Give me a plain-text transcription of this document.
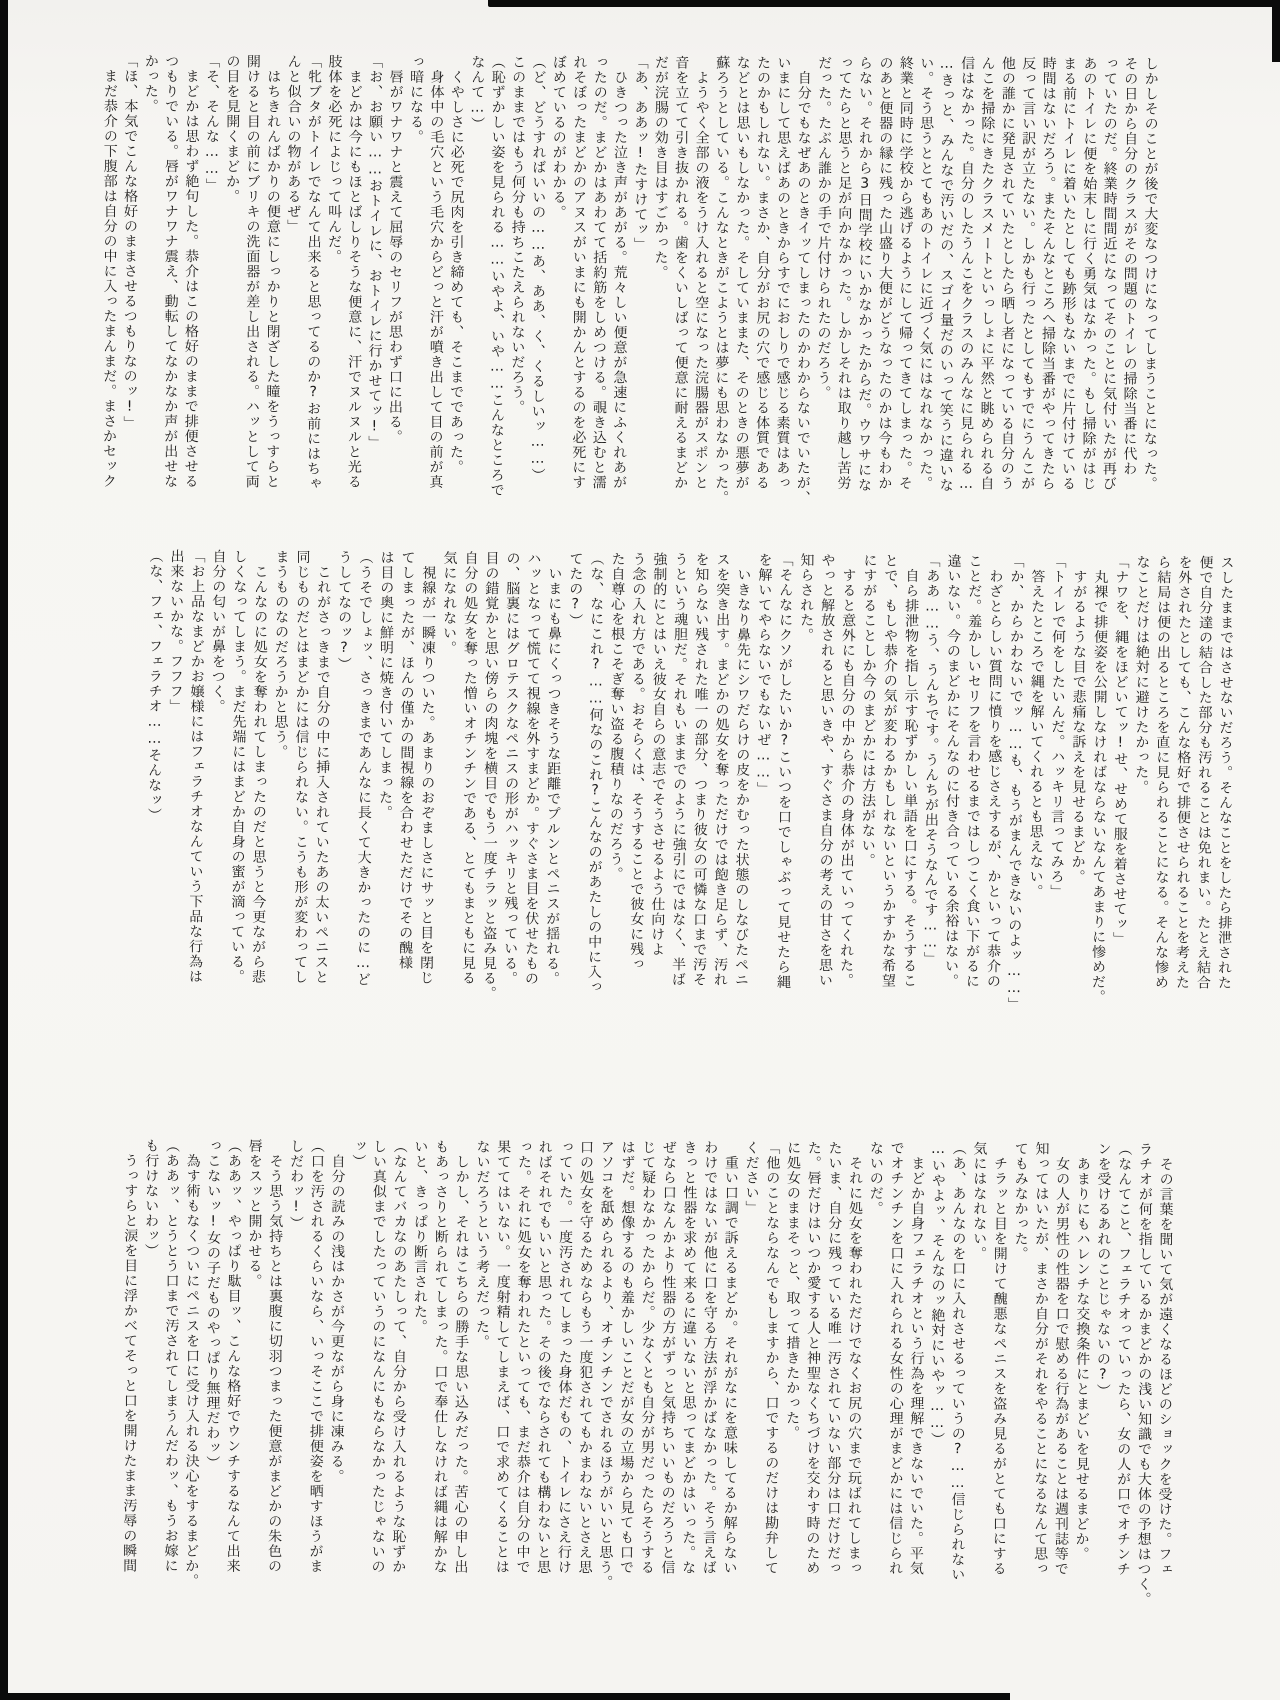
しかしそのことが後で大変なつけになってしまうことになった。
その日から自分のクラスがその問題のトイレの掃除当番に代わ
っていたのだ。終業時間間近になってそのことに気付いたが再び
あのトイレに便を始末しに行く勇気はなかった。もし掃除がはじ
まる前にトイレに着いたとしても跡形もないまでに片付けている
時間はないだろう。またそんなところへ掃除当番がやってきたら
反って言い訳が立たない。しかも行ったとしてもすでにうんこが
他の誰かに発見されていたとしたら晒し者になっている自分のう
んこを掃除にきたクラスメートといっしょに平然と眺められる自
信はなかった。自分のしたうんこをクラスのみんなに見られる…
…きっと、みんなで汚いだの、スゴイ量だのいって笑うに違いな
い。そう思うととてもあのトイレに近づく気にはなれなかった。
終業と同時に学校から逃げるようにして帰ってきてしまった。そ
のあと便器の縁に残った山盛り大便がどうなったのかは今もわか
らない。それから3日間学校にいかなかったからだ。ウワサにな
ってたらと思うと足が向かなかった。しかしそれは取り越し苦労
だった。たぶん誰かの手で片付けられたのだろう。
　自分でもなぜあのときイッてしまったのかわからないでいたが、
いまにして思えばあのときからすでにおしりで感じる素質はあっ
たのかもしれない。まさか、自分がお尻の穴で感じる体質である
などとは思いもしなかった。そしていままた、そのときの悪夢が
蘇ろうとしている。こんなときがこようとは夢にも思わなかった。
　ようやく全部の液をうけ入れると空になった浣腸器がスポンと
音を立てて引き抜かれる。歯をくいしばって便意に耐えるまどか
だが浣腸の効き目はすごかった。
「あ、ああッ!たすけてッ」
　ひきつった泣き声があがる。荒々しい便意が急速にふくれあが
ったのだ。まどかはあわてて括約筋をしめつける。覗き込むと濡
れそぼったまどかのアヌスがいまにも開かんとするのを必死にす
ぼめているのがわかる。
（ど、どうすればいいの……あ、ああ、く、くるしいッ……）
このままではもう何分も持ちこたえられないだろう。
（恥ずかしい姿を見られる……いやよ、いや……こんなところで
なんて…）
　くやしさに必死で尻肉を引き締めても、そこまでであった。
　身体中の毛穴という毛穴からどっと汗が噴き出して目の前が真
っ暗になる。
　唇がワナワナと震えて屈辱のセリフが思わず口に出る。
「お、お願い……おトイレに、おトイレに行かせてッ!」
　まどかは今にもほとばしりそうな便意に、汗でヌルヌルと光る
肢体を必死によじって叫んだ。
「牝ブタがトイレでなんて出来ると思ってるのか?お前にはちゃ
んと似合いの物があるぜ」
　はちきれんばかりの便意にしっかりと閉ざした瞳をうっすらと
開けると目の前にブリキの洗面器が差し出される。ハッとして両
の目を見開くまどか。
「そ、そんな……」
　まどかは思わず絶句した。恭介はこの格好のままで排便させる
つもりでいる。唇がワナワナ震え、動転してなかなか声が出せな
かった。
「ほ、本気でこんな格好のままさせるつもりなのッ!」
　まだ恭介の下腹部は自分の中に入ったまんまだ。まさかセック
スしたままではさせないだろう。そんなことをしたら排泄された
便で自分達の結合した部分も汚れることは免れまい。たとえ結合
を外されたとしても、こんな格好で排便させられることを考えた
ら結局は便の出るところを直に見られることになる。そんな惨め
なことだけは絶対に避けたかった。
「ナワを、縄をほどいてッ!せ、せめて服を着させてッ」
　丸裸で排便姿を公開しなければならないなんてあまりに惨めだ。
　すがるような目で悲痛な訴えを見せるまどか。
「トイレで何をしたいんだ。ハッキリ言ってみろ」
　答えたところで縄を解いてくれるとも思えない。
「か、からかわないでッ……も、もうがまんできないのよッ……」
　わざとらしい質問に憤りを感じさえするが、かといって恭介の
ことだ。羞かしいセリフを言わせるまではしつこく食い下がるに
違いない。今のまどかにそんなのに付き合っている余裕はない。
「ああ……う、うんちです。うんちが出そうなんです……」
　自ら排泄物を指し示す恥ずかしい単語を口にする。そうするこ
とで、もしや恭介の気が変わるかもしれないというかすかな希望
にすがることしか今のまどかには方法がない。
　すると意外にも自分の中から恭介の身体が出ていってくれた。
やっと解放されると思いきや、すぐさま自分の考えの甘さを思い
知らされた。
「そんなにクソがしたいか?こいつを口でしゃぶって見せたら縄
を解いてやらないでもないぜ……」
　いきなり鼻先にシワだらけの皮をかむった状態のしなびたペニ
スを突き出す。まどかの処女を奪っただけでは飽き足らず、汚れ
を知らない残された唯一の部分、つまり彼女の可憐な口まで汚そ
うという魂胆だ。それもいままでのように強引にではなく、半ば
強制的にとはいえ彼女自らの意志でそうさせるよう仕向けよ
う念の入れ方である。おそらくは、そうすることで彼女に残っ
た自尊心を根こそぎ奪い盗る腹積りなのだろう。
（な、なにこれ?……何なのこれ?こんなのがあたしの中に入っ
てたの?）
　いまにも鼻にくっつきそうな距離でプルンとペニスが揺れる。
ハッとなって慌てて視線を外すまどか。すぐさま目を伏せたもの
の、脳裏にはグロテスクなペニスの形がハッキリと残っている。
目の錯覚かと思い傍らの肉塊を横目でもう一度チラッと盗み見る。
自分の処女を奪った憎いオチンチンである、とてもまともに見る
気になれない。
　視線が一瞬凍りついた。あまりのおぞましさにサッと目を閉じ
てしまったが、ほんの僅かの間視線を合わせただけでその醜様
は目の奥に鮮明に焼き付いてしまった。
（うそでしょッ、さっきまであんなに長くて大きかったのに…ど
うしてなのッ?）
　これがさっきまで自分の中に挿入されていたあの太いペニスと
同じものだとはまどかには信じられない。こうも形が変わってし
まうものなのだろうかと思う。
　こんなのに処女を奪われてしまったのだと思うと今更ながら悲
しくなってしまう。まだ先端にはまどか自身の蜜が滴っている。
自分の匂いが鼻をつく。
「お上品なまどかお嬢様にはフェラチオなんていう下品な行為は
出来ないかな。フフフ」
（な、フェ、フェラチオ……そんなッ）
　その言葉を聞いて気が遠くなるほどのショックを受けた。フェ
ラチオが何を指しているかまどかの浅い知識でも大体の予想はつく。
（なんてこと、フェラチオっていったら、女の人が口でオチンチ
ンを受けるあれのことじゃないの?）
　あまりにもハレンチな交換条件にとまどいを見せるまどか。
　女の人が男性の性器を口で慰める行為があることは週刊誌等で
知ってはいたが、まさか自分がそれをやることになるなんて思っ
てもみなかった。
　チラッと目を開けて醜悪なペニスを盗み見るがとても口にする
気にはなれない。
（あ、あんなのを口に入れさせるっていうの?……信じられない
…いやよッ、そんなのッ絶対にいやッ……）
　まどか自身フェラチオという行為を理解できないでいた。平気
でオチンチンを口に入れられる女性の心理がまどかには信じられ
ないのだ。
　それに処女を奪われただけでなくお尻の穴まで玩ばれてしまっ
たいま、自分に残っている唯一汚されていない部分は口だけだっ
た。唇だけはいつか愛する人と神聖なくちづけを交わす時のため
に処女のままそっと、取って措きたかった。
「他のことならなんでもしますから、口でするのだけは勘弁して
ください」
　重い口調で訴えるまどか。それがなにを意味してるか解らない
わけではないが他に口を守る方法が浮かばなかった。そう言えば
きっと性器を求めて来るに違いないと思ってまどかはいった。な
ぜなら口なんかより性器の方がずっと気持ちいいものだろうと信
じて疑わなかったからだ。少なくとも自分が男だったらそうする
はずだ。想像するのも羞かしいことだが女の立場から見ても口で
アソコを舐められるより、オチンチンでされるほうがいいと思う。
口の処女を守るためならもう一度犯されてもかまわないとさえ思
っていた。一度汚されてしまった身体だもの、トイレにさえ行け
ればそれでもいいと思った。その後でならされても構わないと思
った。それに処女を奪われたといっても、まだ恭介は自分の中で
果ててはいない。一度射精してしまえば、口で求めてくることは
ないだろうという考えだった。
　しかし、それはこちらの勝手な思い込みだった。苦心の申し出
もあっさりと断られてしまった。口で奉仕しなければ縄は解かな
いと、きっぱり断言された。
（なんてバカなのあたしって、自分から受け入れるような恥ずか
しい真似までしたっていうのになんにもならなかったじゃないの
ッ）
　自分の読みの浅はかさが今更ながら身に凍みる。
（口を汚されるくらいなら、いっそここで排便姿を晒すほうがま
しだわッ!）
　そう思う気持ちとは裏腹に切羽つまった便意がまどかの朱色の
唇をスッと開かせる。
（ああッ、やっぱり駄目ッ、こんな格好でウンチするなんて出来
っこないッ!女の子だものやっぱり無理だわッ）
　為す術もなくついにペニスを口に受け入れる決心をするまどか。
（ああッ、とうとう口まで汚されてしまうんだわッ、もうお嫁に
も行けないわッ）
　うっすらと涙を目に浮かべてそっと口を開けたまま汚辱の瞬間
